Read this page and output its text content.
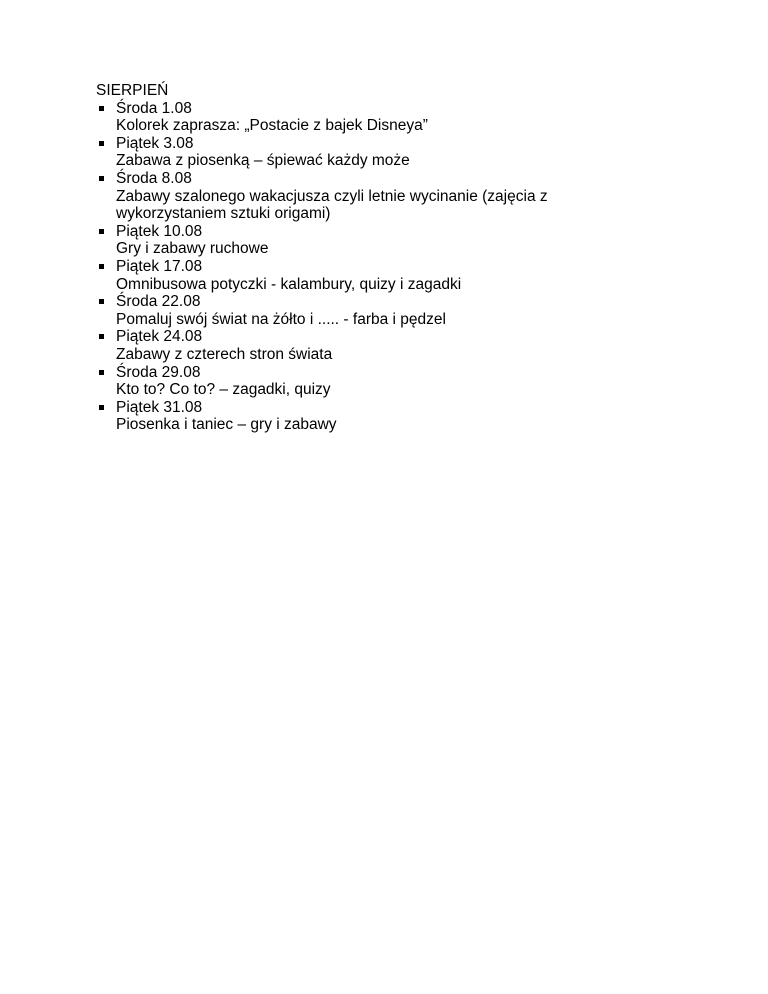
SIERPIEŃ
Środa 1.08
Kolorek zaprasza: „Postacie z bajek Disneya”
Piątek 3.08
Zabawa z piosenką – śpiewać każdy może
Środa 8.08
Zabawy szalonego wakacjusza czyli letnie wycinanie (zajęcia z wykorzystaniem sztuki origami)
Piątek 10.08
Gry i zabawy ruchowe
Piątek 17.08
Omnibusowa potyczki - kalambury, quizy i zagadki
Środa 22.08
Pomaluj swój świat na żółto i ..... - farba i pędzel
Piątek 24.08
Zabawy z czterech stron świata
Środa 29.08
Kto to? Co to? – zagadki, quizy
Piątek 31.08
Piosenka i taniec – gry i zabawy
